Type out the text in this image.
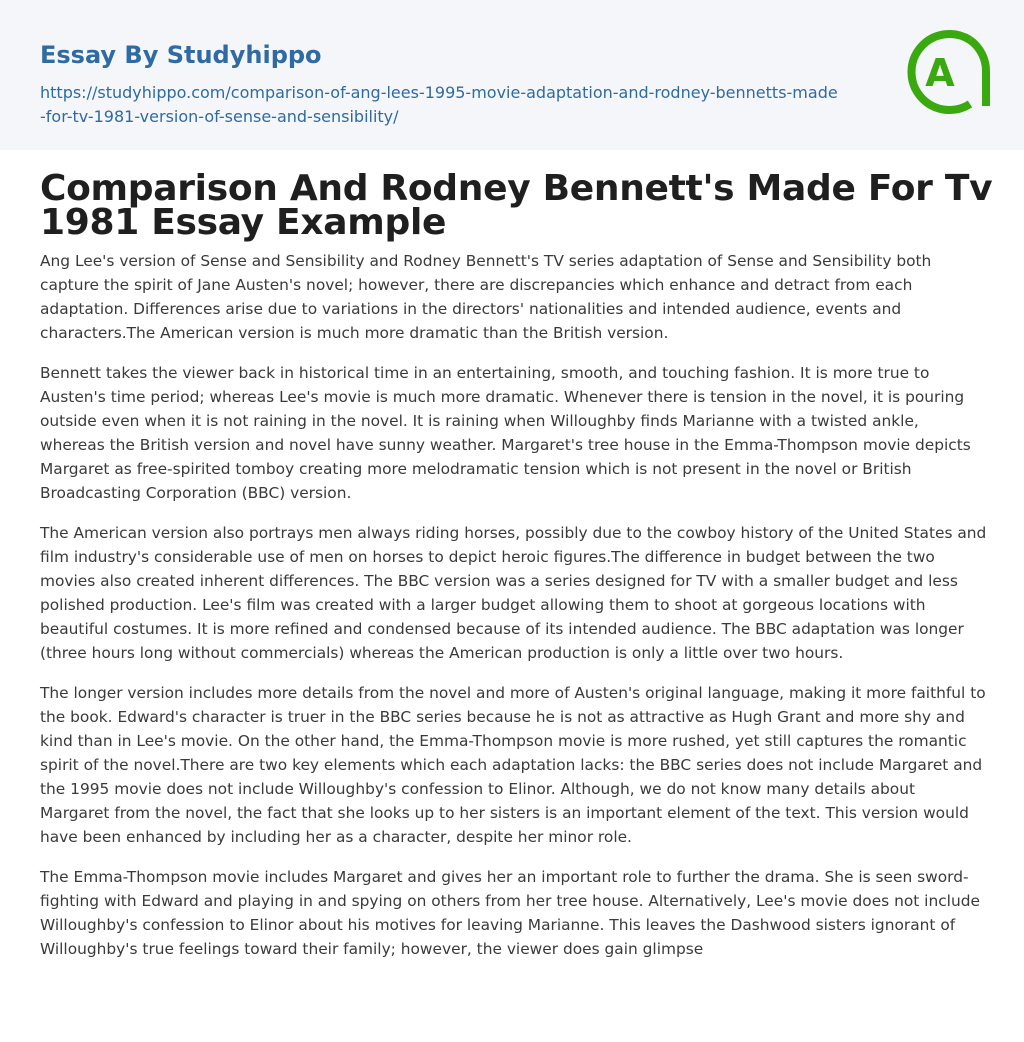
Essay By Studyhippo
https://studyhippo.com/comparison-of-ang-lees-1995-movie-adaptation-and-rodney-bennetts-made-for-tv-1981-version-of-sense-and-sensibility/
A
Comparison And Rodney Bennett's Made For Tv 1981 Essay Example

Ang Lee's version of Sense and Sensibility and Rodney Bennett's TV series adaptation of Sense and Sensibility both capture the spirit of Jane Austen's novel; however, there are discrepancies which enhance and detract from each adaptation. Differences arise due to variations in the directors' nationalities and intended audience, events and characters.The American version is much more dramatic than the British version.

Bennett takes the viewer back in historical time in an entertaining, smooth, and touching fashion. It is more true to Austen's time period; whereas Lee's movie is much more dramatic. Whenever there is tension in the novel, it is pouring outside even when it is not raining in the novel. It is raining when Willoughby finds Marianne with a twisted ankle, whereas the British version and novel have sunny weather. Margaret's tree house in the Emma-Thompson movie depicts Margaret as free-spirited tomboy creating more melodramatic tension which is not present in the novel or British Broadcasting Corporation (BBC) version.

The American version also portrays men always riding horses, possibly due to the cowboy history of the United States and film industry's considerable use of men on horses to depict heroic figures.The difference in budget between the two movies also created inherent differences. The BBC version was a series designed for TV with a smaller budget and less polished production. Lee's film was created with a larger budget allowing them to shoot at gorgeous locations with beautiful costumes. It is more refined and condensed because of its intended audience. The BBC adaptation was longer (three hours long without commercials) whereas the American production is only a little over two hours.

The longer version includes more details from the novel and more of Austen's original language, making it more faithful to the book. Edward's character is truer in the BBC series because he is not as attractive as Hugh Grant and more shy and kind than in Lee's movie. On the other hand, the Emma-Thompson movie is more rushed, yet still captures the romantic spirit of the novel.There are two key elements which each adaptation lacks: the BBC series does not include Margaret and the 1995 movie does not include Willoughby's confession to Elinor. Although, we do not know many details about Margaret from the novel, the fact that she looks up to her sisters is an important element of the text. This version would have been enhanced by including her as a character, despite her minor role.

The Emma-Thompson movie includes Margaret and gives her an important role to further the drama. She is seen sword-fighting with Edward and playing in and spying on others from her tree house. Alternatively, Lee's movie does not include Willoughby's confession to Elinor about his motives for leaving Marianne. This leaves the Dashwood sisters ignorant of Willoughby's true feelings toward their family; however, the viewer does gain glimpse
